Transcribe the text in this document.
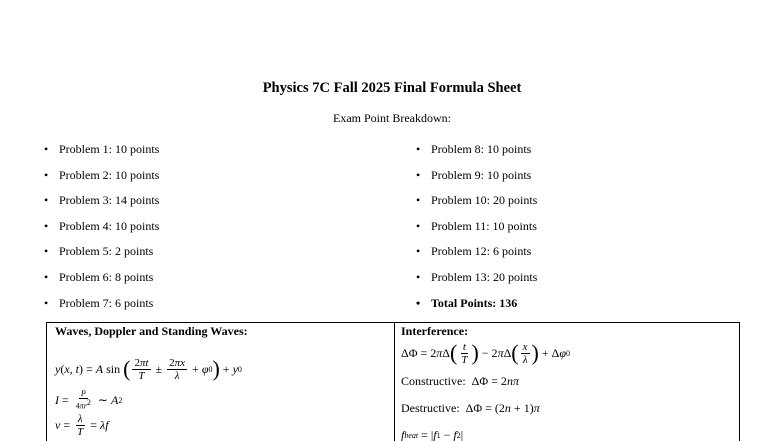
Physics 7C Fall 2025 Final Formula Sheet
Exam Point Breakdown:
•Problem 1: 10 points
•Problem 2: 10 points
•Problem 3: 14 points
•Problem 4: 10 points
•Problem 5: 2 points
•Problem 6: 8 points
•Problem 7: 6 points
•Problem 8: 10 points
•Problem 9: 10 points
•Problem 10: 20 points
•Problem 11: 10 points
•Problem 12: 6 points
•Problem 13: 20 points
•Total Points: 136
Waves, Doppler and Standing Waves:
y ( x, t ) = A sin ( $\frac{2\pi t}{T} \pm \frac{2\pi x}{\lambda} + \varphi$ 0 ) + y 0
$I = \frac{P}{4\pi r^2}$ ∼ A 2
$v = \frac{\lambda}{T} = \lambda f$
Interference:
ΔΦ = 2 π Δ ( $\frac{t}{T}$ ) − 2 π Δ ( $\frac{x}{\lambda}$ ) + Δ φ 0
Constructive: ΔΦ = 2 nπ
Destructive: ΔΦ = (2 n + 1) π
f beat = | f 1 − f 2 |
